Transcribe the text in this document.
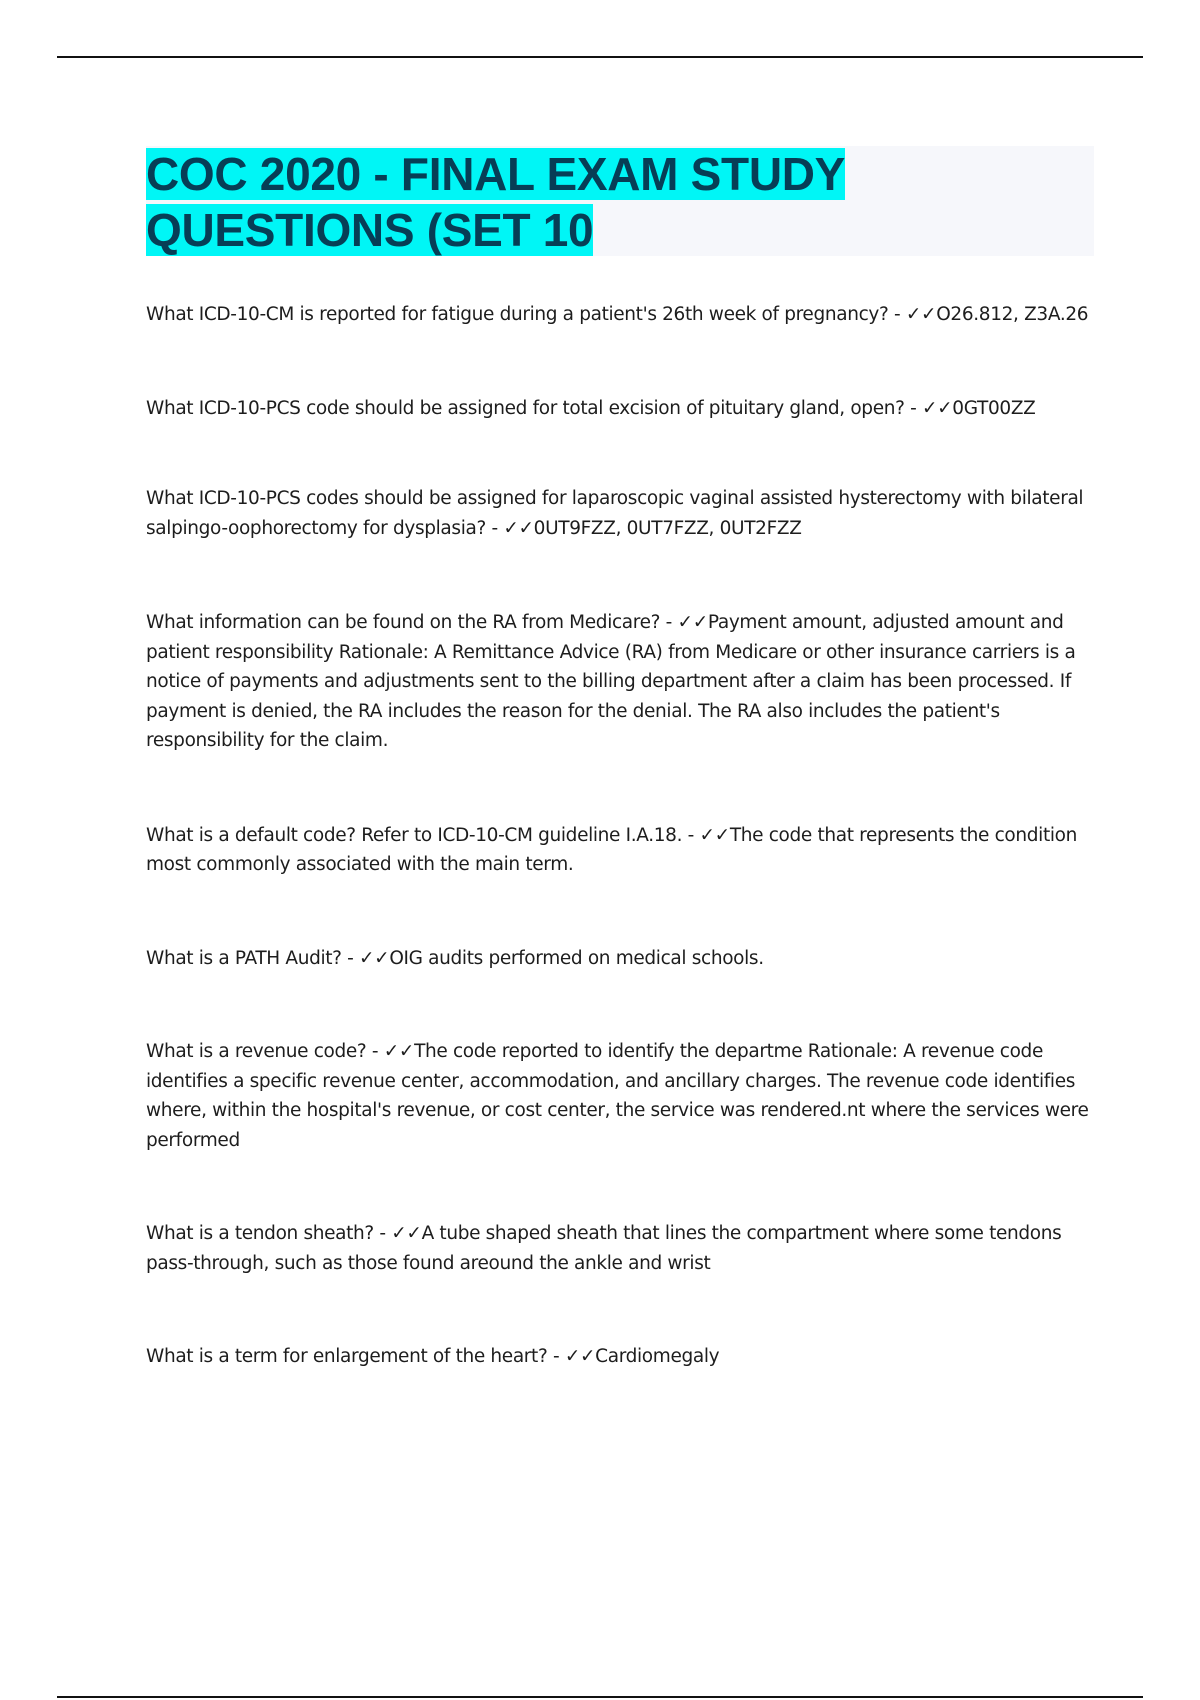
COC 2020 - FINAL EXAM STUDY
QUESTIONS (SET 10

What ICD-10-CM is reported for fatigue during a patient's 26th week of pregnancy? - ✓✓O26.812, Z3A.26

What ICD-10-PCS code should be assigned for total excision of pituitary gland, open? - ✓✓0GT00ZZ

What ICD-10-PCS codes should be assigned for laparoscopic vaginal assisted hysterectomy with bilateral salpingo-oophorectomy for dysplasia? - ✓✓0UT9FZZ, 0UT7FZZ, 0UT2FZZ

What information can be found on the RA from Medicare? - ✓✓Payment amount, adjusted amount and patient responsibility Rationale: A Remittance Advice (RA) from Medicare or other insurance carriers is a notice of payments and adjustments sent to the billing department after a claim has been processed. If payment is denied, the RA includes the reason for the denial. The RA also includes the patient's responsibility for the claim.

What is a default code? Refer to ICD-10-CM guideline I.A.18. - ✓✓The code that represents the condition most commonly associated with the main term.

What is a PATH Audit? - ✓✓OIG audits performed on medical schools.

What is a revenue code? - ✓✓The code reported to identify the departme Rationale: A revenue code identifies a specific revenue center, accommodation, and ancillary charges. The revenue code identifies where, within the hospital's revenue, or cost center, the service was rendered.nt where the services were performed

What is a tendon sheath? - ✓✓A tube shaped sheath that lines the compartment where some tendons pass-through, such as those found areound the ankle and wrist

What is a term for enlargement of the heart? - ✓✓Cardiomegaly
